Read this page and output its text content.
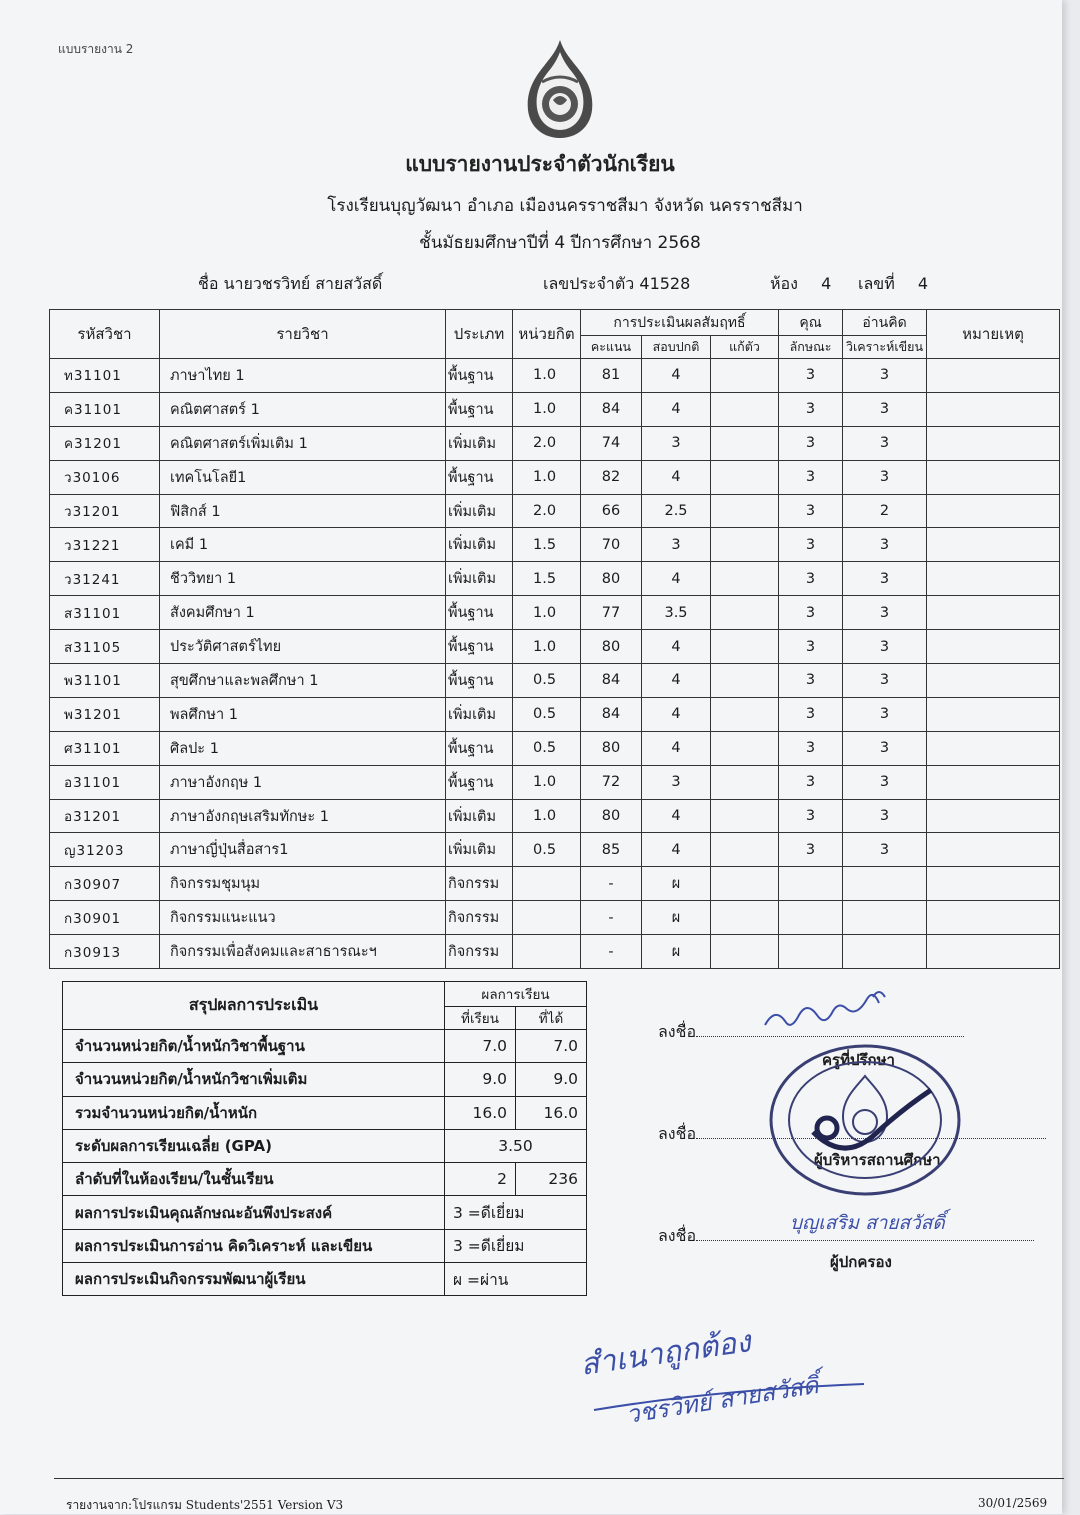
แบบรายงาน 2
แบบรายงานประจำตัวนักเรียน
โรงเรียนบุญวัฒนา อำเภอ เมืองนครราชสีมา จังหวัด นครราชสีมา
ชั้นมัธยมศึกษาปีที่ 4 ปีการศึกษา 2568
ชื่อ นายวชรวิทย์ สายสวัสดิ์	เลขประจำตัว 41528	ห้อง 4 เลขที่ 4
รหัสวิชา	รายวิชา	ประเภท	หน่วยกิต	การประเมินผลสัมฤทธิ์			คุณ	อ่านคิด	หมายเหตุ
				คะแนน	สอบปกติ	แก้ตัว	ลักษณะ	วิเคราะห์เขียน	
ท31101	ภาษาไทย 1	พื้นฐาน	1.0	81	4		3	3	
ค31101	คณิตศาสตร์ 1	พื้นฐาน	1.0	84	4		3	3	
ค31201	คณิตศาสตร์เพิ่มเติม 1	เพิ่มเติม	2.0	74	3		3	3	
ว30106	เทคโนโลยี1	พื้นฐาน	1.0	82	4		3	3	
ว31201	ฟิสิกส์ 1	เพิ่มเติม	2.0	66	2.5		3	2	
ว31221	เคมี 1	เพิ่มเติม	1.5	70	3		3	3	
ว31241	ชีววิทยา 1	เพิ่มเติม	1.5	80	4		3	3	
ส31101	สังคมศึกษา 1	พื้นฐาน	1.0	77	3.5		3	3	
ส31105	ประวัติศาสตร์ไทย	พื้นฐาน	1.0	80	4		3	3	
พ31101	สุขศึกษาและพลศึกษา 1	พื้นฐาน	0.5	84	4		3	3	
พ31201	พลศึกษา 1	เพิ่มเติม	0.5	84	4		3	3	
ศ31101	ศิลปะ 1	พื้นฐาน	0.5	80	4		3	3	
อ31101	ภาษาอังกฤษ 1	พื้นฐาน	1.0	72	3		3	3	
อ31201	ภาษาอังกฤษเสริมทักษะ 1	เพิ่มเติม	1.0	80	4		3	3	
ญ31203	ภาษาญี่ปุ่นสื่อสาร1	เพิ่มเติม	0.5	85	4		3	3	
ก30907	กิจกรรมชุมนุม	กิจกรรม		-	ผ				
ก30901	กิจกรรมแนะแนว	กิจกรรม		-	ผ				
ก30913	กิจกรรมเพื่อสังคมและสาธารณะฯ	กิจกรรม		-	ผ				
สรุปผลการประเมิน	ผลการเรียน	
	ที่เรียน	ที่ได้
จำนวนหน่วยกิต/น้ำหนักวิชาพื้นฐาน	7.0	7.0
จำนวนหน่วยกิต/น้ำหนักวิชาเพิ่มเติม	9.0	9.0
รวมจำนวนหน่วยกิต/น้ำหนัก	16.0	16.0
ระดับผลการเรียนเฉลี่ย (GPA)	3.50	
ลำดับที่ในห้องเรียน/ในชั้นเรียน	2	236
ผลการประเมินคุณลักษณะอันพึงประสงค์	3 =ดีเยี่ยม	
ผลการประเมินการอ่าน คิดวิเคราะห์ และเขียน	3 =ดีเยี่ยม	
ผลการประเมินกิจกรรมพัฒนาผู้เรียน	ผ =ผ่าน	
ลงชื่อ
ครูที่ปรึกษา
ลงชื่อ
ผู้บริหารสถานศึกษา
ลงชื่อ
บุญเสริม สายสวัสดิ์
ผู้ปกครอง
สำเนาถูกต้อง
วชรวิทย์ สายสวัสดิ์
รายงานจาก:โปรแกรม Students'2551 Version V3	30/01/2569
